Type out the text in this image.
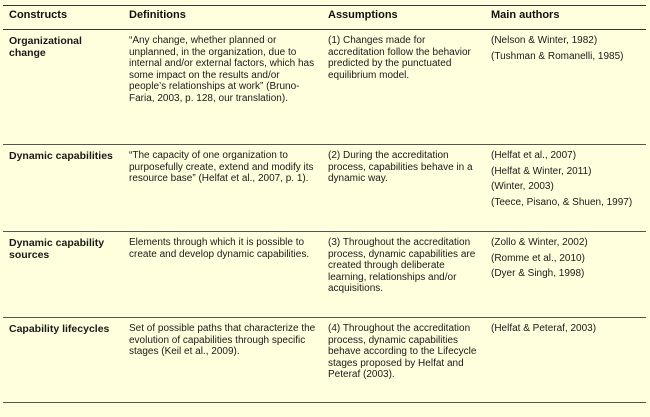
Constructs	Definitions	Assumptions	Main authors
Organizational change	“Any change, whether planned or unplanned, in the organization, due to internal and/or external factors, which has some impact on the results and/or people’s relationships at work” (Bruno-Faria, 2003, p. 128, our translation).	(1) Changes made for accreditation follow the behavior predicted by the punctuated equilibrium model.	(Nelson & Winter, 1982)
(Tushman & Romanelli, 1985)

Dynamic capabilities	“The capacity of one organization to purposefully create, extend and modify its resource base” (Helfat et al., 2007, p. 1).	(2) During the accreditation process, capabilities behave in a dynamic way.	(Helfat et al., 2007)
(Helfat & Winter, 2011)
(Winter, 2003)
(Teece, Pisano, & Shuen, 1997)

Dynamic capability sources	Elements through which it is possible to create and develop dynamic capabilities.	(3) Throughout the accreditation process, dynamic capabilities are created through deliberate learning, relationships and/or acquisitions.	(Zollo & Winter, 2002)
(Romme et al., 2010)
(Dyer & Singh, 1998)

Capability lifecycles	Set of possible paths that characterize the evolution of capabilities through specific stages (Keil et al., 2009).	(4) Throughout the accreditation process, dynamic capabilities behave according to the Lifecycle stages proposed by Helfat and Peteraf (2003).	(Helfat & Peteraf, 2003)
